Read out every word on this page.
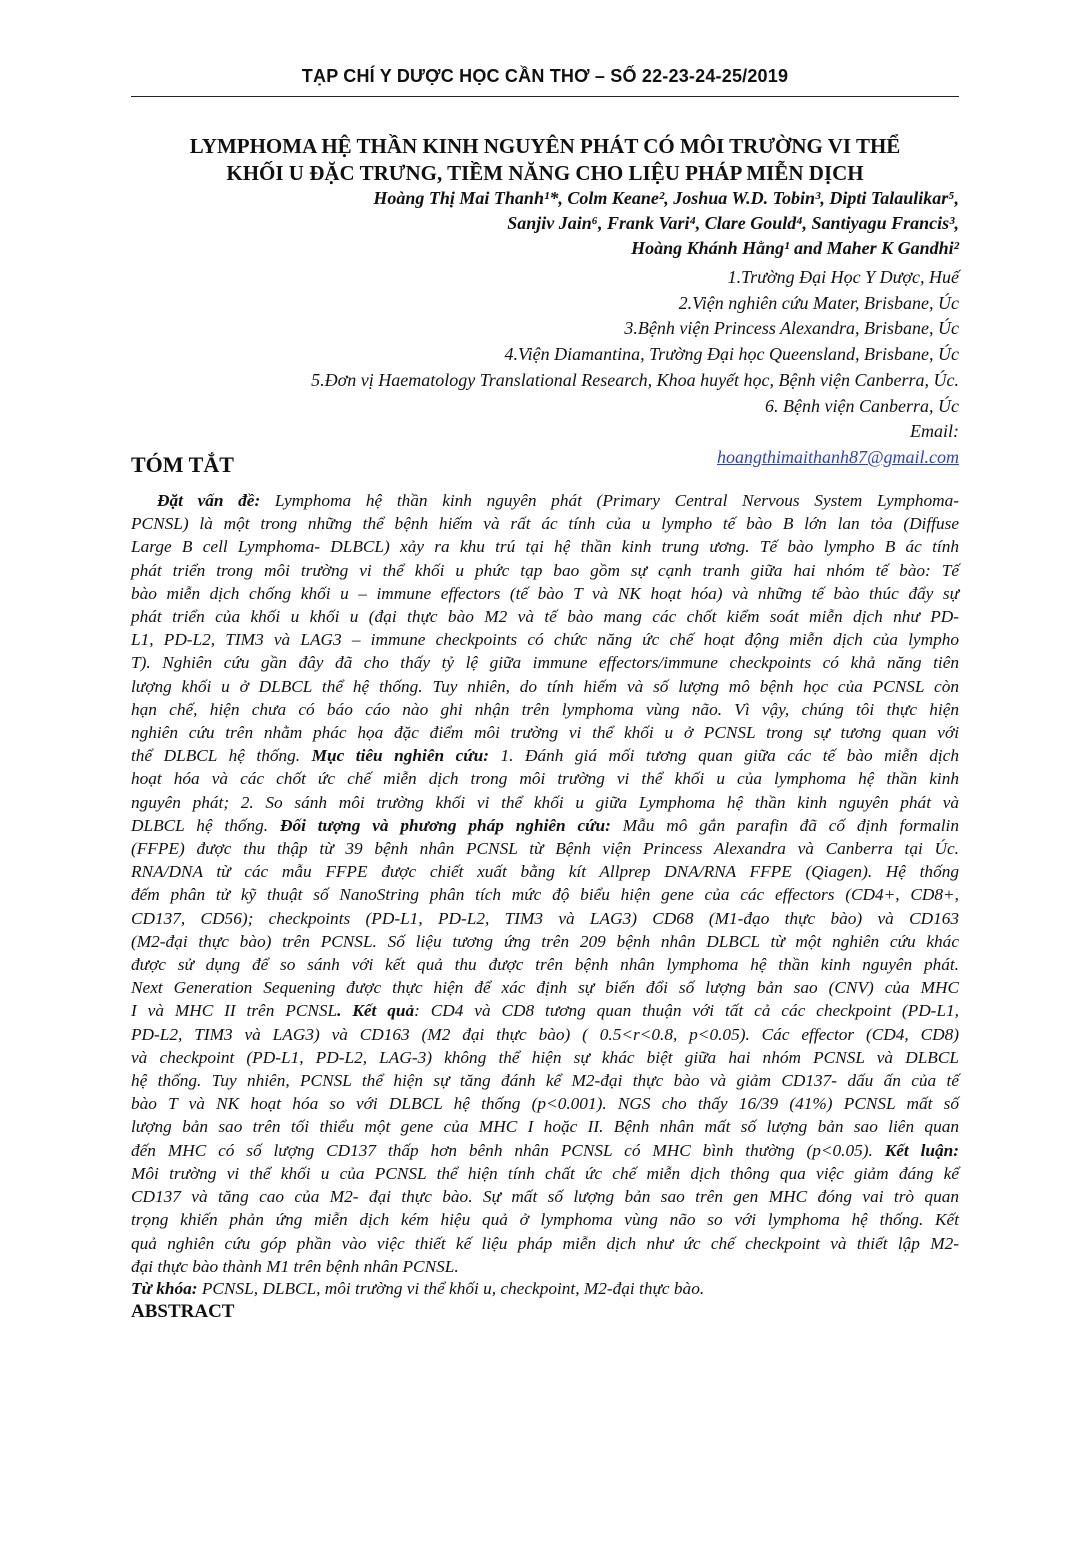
TẠP CHÍ Y DƯỢC HỌC CẦN THƠ – SỐ 22-23-24-25/2019
LYMPHOMA HỆ THẦN KINH NGUYÊN PHÁT CÓ MÔI TRƯỜNG VI THỂ
KHỐI U ĐẶC TRƯNG, TIỀM NĂNG CHO LIỆU PHÁP MIỄN DỊCH
Hoàng Thị Mai Thanh¹*, Colm Keane², Joshua W.D. Tobin³, Dipti Talaulikar⁵,
Sanjiv Jain⁶, Frank Vari⁴, Clare Gould⁴, Santiyagu Francis³,
Hoàng Khánh Hằng¹ and Maher K Gandhi²
1.Trường Đại Học Y Dược, Huế
2.Viện nghiên cứu Mater, Brisbane, Úc
3.Bệnh viện Princess Alexandra, Brisbane, Úc
4.Viện Diamantina, Trường Đại học Queensland, Brisbane, Úc
5.Đơn vị Haematology Translational Research, Khoa huyết học, Bệnh viện Canberra, Úc.
6. Bệnh viện Canberra, Úc
Email:
hoangthimaithanh87@gmail.com
TÓM TẮT
Đặt vấn đề: Lymphoma hệ thần kinh nguyên phát (Primary Central Nervous System Lymphoma-
PCNSL) là một trong những thể bệnh hiếm và rất ác tính của u lympho tế bào B lớn lan tỏa (Diffuse
Large B cell Lymphoma- DLBCL) xảy ra khu trú tại hệ thần kinh trung ương. Tế bào lympho B ác tính
phát triển trong môi trường vi thể khối u phức tạp bao gồm sự cạnh tranh giữa hai nhóm tế bào: Tế
bào miễn dịch chống khối u – immune effectors (tế bào T và NK hoạt hóa) và những tế bào thúc đẩy sự
phát triển của khối u khối u (đại thực bào M2 và tế bào mang các chốt kiểm soát miễn dịch như PD-
L1, PD-L2, TIM3 và LAG3 – immune checkpoints có chức năng ức chế hoạt động miễn dịch của lympho
T). Nghiên cứu gần đây đã cho thấy tỷ lệ giữa immune effectors/immune checkpoints có khả năng tiên
lượng khối u ở DLBCL thể hệ thống. Tuy nhiên, do tính hiếm và số lượng mô bệnh học của PCNSL còn
hạn chế, hiện chưa có báo cáo nào ghi nhận trên lymphoma vùng não. Vì vậy, chúng tôi thực hiện
nghiên cứu trên nhằm phác họa đặc điểm môi trường vi thể khối u ở PCNSL trong sự tương quan với
thể DLBCL hệ thống. Mục tiêu nghiên cứu: 1. Đánh giá mối tương quan giữa các tế bào miễn dịch
hoạt hóa và các chốt ức chế miễn dịch trong môi trường vi thể khối u của lymphoma hệ thần kinh
nguyên phát; 2. So sánh môi trường khối vi thể khối u giữa Lymphoma hệ thần kinh nguyên phát và
DLBCL hệ thống. Đối tượng và phương pháp nghiên cứu: Mẫu mô gắn parafin đã cố định formalin
(FFPE) được thu thập từ 39 bệnh nhân PCNSL từ Bệnh viện Princess Alexandra và Canberra tại Úc.
RNA/DNA từ các mẫu FFPE được chiết xuất bằng kít Allprep DNA/RNA FFPE (Qiagen). Hệ thống
đếm phân tử kỹ thuật số NanoString phân tích mức độ biểu hiện gene của các effectors (CD4+, CD8+,
CD137, CD56); checkpoints (PD-L1, PD-L2, TIM3 và LAG3) CD68 (M1-đạo thực bào) và CD163
(M2-đại thực bào) trên PCNSL. Số liệu tương ứng trên 209 bệnh nhân DLBCL từ một nghiên cứu khác
được sử dụng để so sánh với kết quả thu được trên bệnh nhân lymphoma hệ thần kinh nguyên phát.
Next Generation Sequening được thực hiện để xác định sự biến đổi số lượng bản sao (CNV) của MHC
I và MHC II trên PCNSL. Kết quả: CD4 và CD8 tương quan thuận với tất cả các checkpoint (PD-L1,
PD-L2, TIM3 và LAG3) và CD163 (M2 đại thực bào) ( 0.5<r<0.8, p<0.05). Các effector (CD4, CD8)
và checkpoint (PD-L1, PD-L2, LAG-3) không thể hiện sự khác biệt giữa hai nhóm PCNSL và DLBCL
hệ thống. Tuy nhiên, PCNSL thể hiện sự tăng đánh kể M2-đại thực bào và giảm CD137- dấu ấn của tế
bào T và NK hoạt hóa so với DLBCL hệ thống (p<0.001). NGS cho thấy 16/39 (41%) PCNSL mất số
lượng bản sao trên tối thiểu một gene của MHC I hoặc II. Bệnh nhân mất số lượng bản sao liên quan
đến MHC có số lượng CD137 thấp hơn bênh nhân PCNSL có MHC bình thường (p<0.05). Kết luận:
Môi trường vi thể khối u của PCNSL thể hiện tính chất ức chế miễn dịch thông qua việc giảm đáng kể
CD137 và tăng cao của M2- đại thực bào. Sự mất số lượng bản sao trên gen MHC đóng vai trò quan
trọng khiến phản ứng miễn dịch kém hiệu quả ở lymphoma vùng não so với lymphoma hệ thống. Kết
quả nghiên cứu góp phần vào việc thiết kế liệu pháp miễn dịch như ức chế checkpoint và thiết lập M2-
đại thực bào thành M1 trên bệnh nhân PCNSL.
Từ khóa: PCNSL, DLBCL, môi trường vi thể khối u, checkpoint, M2-đại thực bào.
ABSTRACT
